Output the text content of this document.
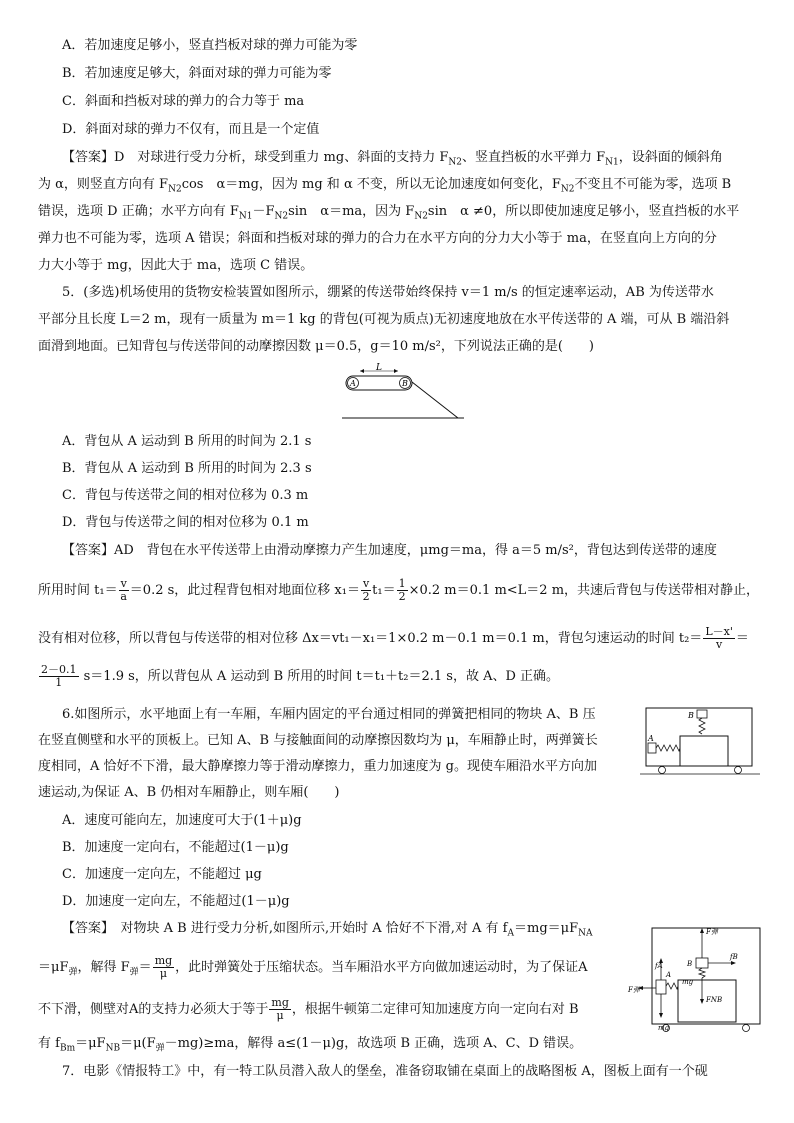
A．若加速度足够小，竖直挡板对球的弹力可能为零
B．若加速度足够大，斜面对球的弹力可能为零
C．斜面和挡板对球的弹力的合力等于 ma
D．斜面对球的弹力不仅有，而且是一个定值
【答案】D　对球进行受力分析，球受到重力 mg、斜面的支持力 $F_{N2}$、竖直挡板的水平弹力 $F_{N1}$，设斜面的倾斜角
为 α，则竖直方向有 $F_{N2}\cos$　α＝mg，因为 mg 和 α 不变，所以无论加速度如何变化，$F_{N2}$不变且不可能为零，选项 B
错误，选项 D 正确；水平方向有 $F_{N1}-F_{N2}\sin$　α＝ma，因为 $F_{N2}\sin$　α ≠0，所以即使加速度足够小，竖直挡板的水平
弹力也不可能为零，选项 A 错误；斜面和挡板对球的弹力的合力在水平方向的分力大小等于 ma，在竖直向上方向的分
力大小等于 mg，因此大于 ma，选项 C 错误。
5．(多选)机场使用的货物安检装置如图所示，绷紧的传送带始终保持 v＝1 m/s 的恒定速率运动，AB 为传送带水
平部分且长度 L＝2 m，现有一质量为 m＝1 kg 的背包(可视为质点)无初速度地放在水平传送带的 A 端，可从 B 端沿斜
面滑到地面。已知背包与传送带间的动摩擦因数 μ＝0.5，g＝10 m/s²，下列说法正确的是(　　)
A	B
L
A．背包从 A 运动到 B 所用的时间为 2.1 s
B．背包从 A 运动到 B 所用的时间为 2.3 s
C．背包与传送带之间的相对位移为 0.3 m
D．背包与传送带之间的相对位移为 0.1 m
【答案】AD　背包在水平传送带上由滑动摩擦力产生加速度，μmg＝ma，得 a＝5 m/s²，背包达到传送带的速度
所用时间 $t_1= \frac{v}{a} =0.2$ s，此过程背包相对地面位移 $x_1= \frac{v}{2} t_1= \frac{1}{2} \times 0.2$ m＝0.1 m<L＝2 m，共速后背包与传送带相对静止，
没有相对位移，所以背包与传送带的相对位移 Δx＝vt₁－x₁＝1×0.2 m－0.1 m＝0.1 m，背包匀速运动的时间 $t_2= \frac{L-x'}{v}$ ＝
$\frac{2-0.1}{1} s=1.9$ s，所以背包从 A 运动到 B 所用的时间 t＝t₁＋t₂＝2.1 s，故 A、D 正确。
6.如图所示，水平地面上有一车厢，车厢内固定的平台通过相同的弹簧把相同的物块 A、B 压
在竖直侧壁和水平的顶板上。已知 A、B 与接触面间的动摩擦因数均为 μ，车厢静止时，两弹簧长
度相同，A 恰好不下滑，最大静摩擦力等于滑动摩擦力，重力加速度为 g。现使车厢沿水平方向加
速运动,为保证 A、B 仍相对车厢静止，则车厢(　　)
B
A
A．速度可能向左，加速度可大于(1＋μ)g
B．加速度一定向右，不能超过(1－μ)g
C．加速度一定向左，不能超过 μg
D．加速度一定向左，不能超过(1－μ)g
【答案】　对物块 A B 进行受力分析,如图所示,开始时 A 恰好不下滑,对 A 有 $f_A=mg=\mu F_{NA}$
$=\mu F_弹$，解得 $F_弹= \frac{mg}{\mu}$ ，此时弹簧处于压缩状态。当车厢沿水平方向做加速运动时，为了保证A
不下滑，侧壁对A的支持力必须大于等于 $\frac{mg}{\mu}$ ，根据牛顿第二定律可知加速度方向一定向右对 B
有 $f_{Bm}=\mu F_{NB}=\mu(F_弹-mg)\ge ma$，解得 a≤(1－μ)g，故选项 B 正确，选项 A、C、D 错误。
F弹
fB
B
fA
A
F弹
mg
FNB
mg
7．电影《情报特工》中，有一特工队员潜入敌人的堡垒，准备窃取铺在桌面上的战略图板 A，图板上面有一个砚
